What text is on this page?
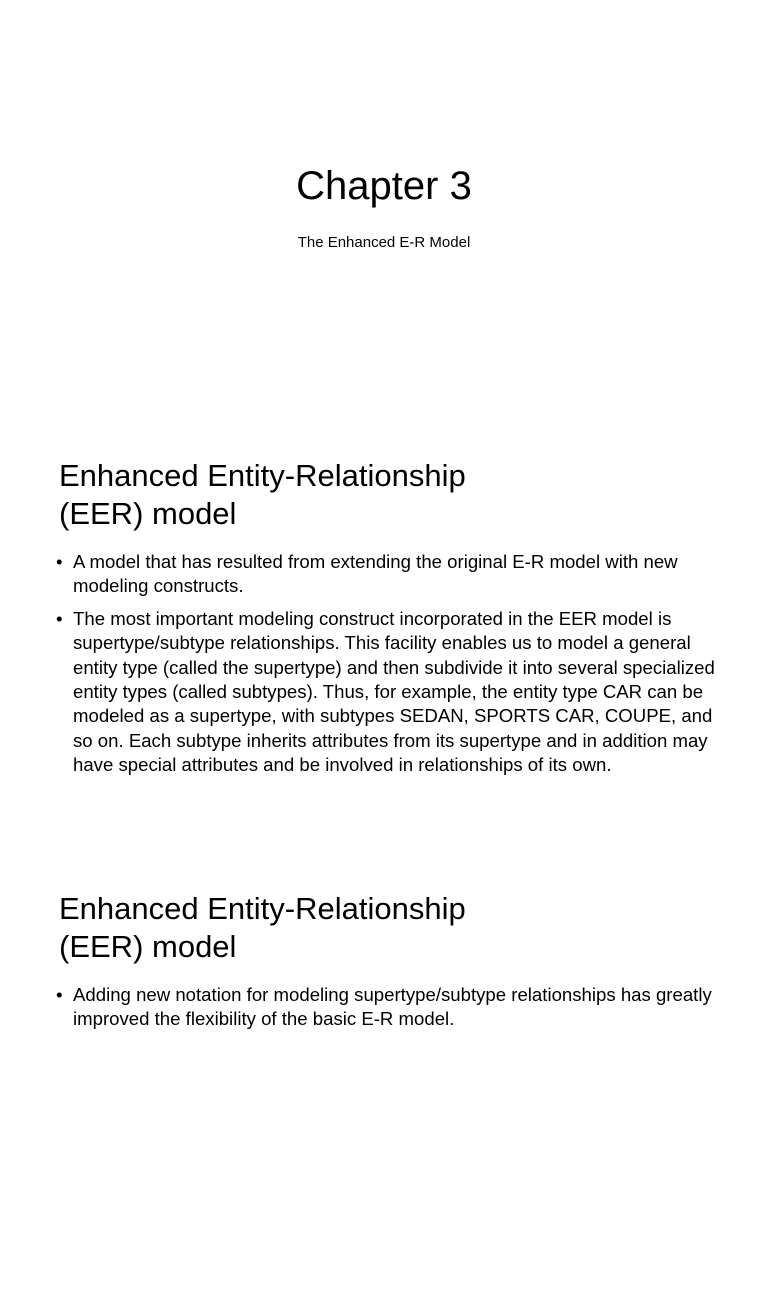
Chapter 3

The Enhanced E-R Model

Enhanced Entity-Relationship
(EER) model
• A model that has resulted from extending the original E-R model with new modeling constructs.
• The most important modeling construct incorporated in the EER model is supertype/subtype relationships. This facility enables us to model a general entity type (called the supertype) and then subdivide it into several specialized entity types (called subtypes). Thus, for example, the entity type CAR can be modeled as a supertype, with subtypes SEDAN, SPORTS CAR, COUPE, and so on. Each subtype inherits attributes from its supertype and in addition may have special attributes and be involved in relationships of its own.
Enhanced Entity-Relationship
(EER) model
• Adding new notation for modeling supertype/subtype relationships has greatly improved the flexibility of the basic E-R model.
